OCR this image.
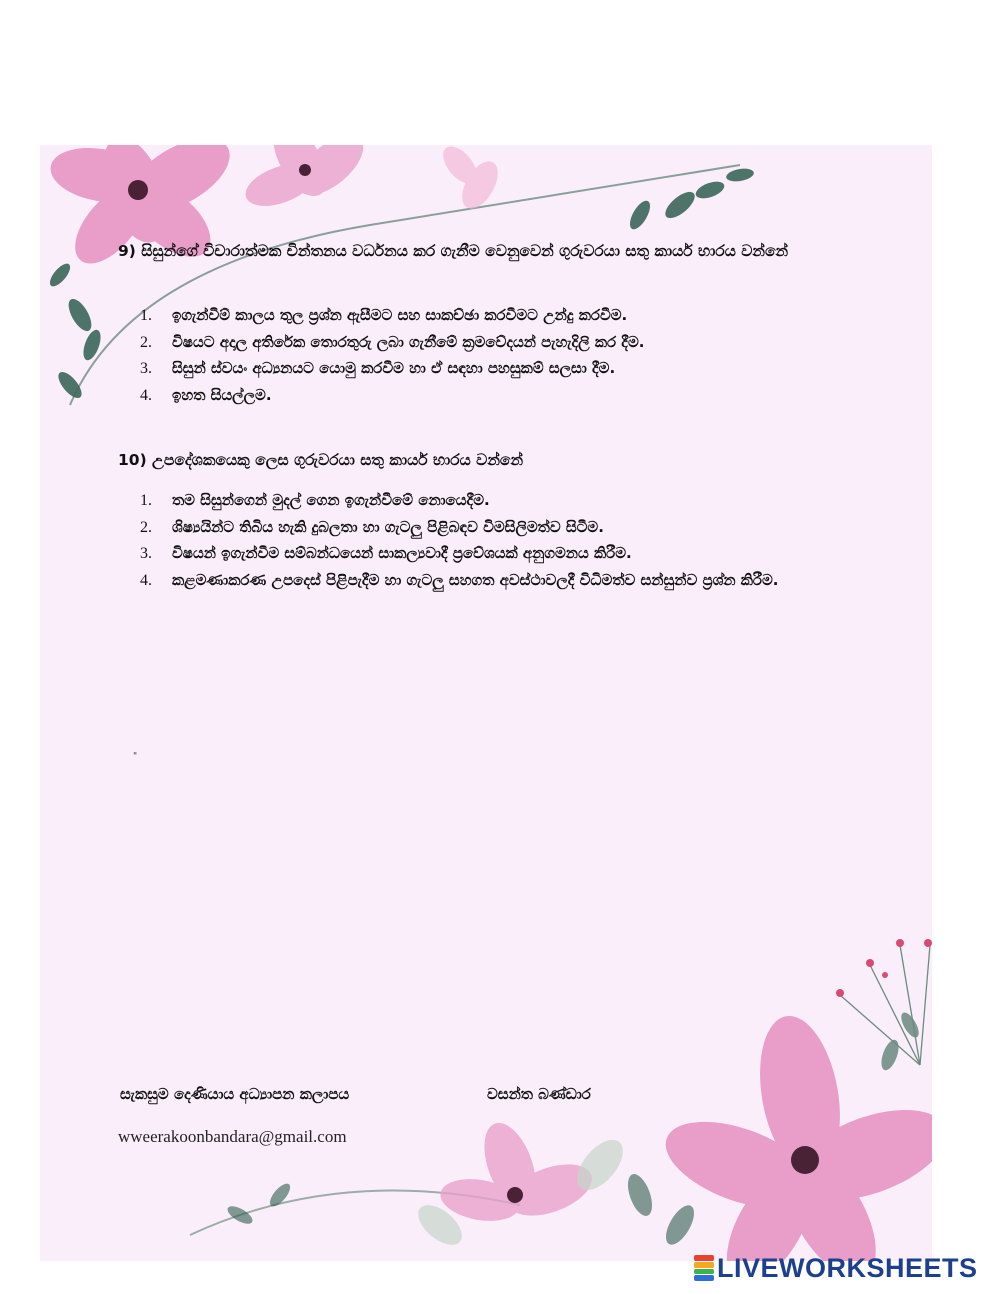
9) සිසුන්ගේ විචාරාත්මක චින්තනය වර්ධනය කර ගැනීම වෙනුවෙන් ගුරුවරයා සතු කාර්ය භාරය වන්නේ
1.	ඉගැන්වීම් කාලය තුල ප්‍රශ්න ඇසීමට සහ සාකච්ඡා කරවීමට උන්දු කරවීම.
2.	විෂයට අදාල අතිරේක තොරතුරු ලබා ගැනීමේ ක්‍රමවේදයන් පැහැදිලි කර දීම.
3.	සිසුන් ස්වයං අධ්‍යනයට යොමු කරවීම හා ඒ සඳහා පහසුකම් සලසා දීම.
4.	ඉහත සියල්ලම.
10) උපදේශකයෙකු ලෙස ගුරුවරයා සතු කාර්ය භාරය වන්නේ
1.	තම සිසුන්ගෙන් මුදල් ගෙන ඉගැන්වීමේ නොයෙදීම.
2.	ශිෂ්‍යයින්ට තිබිය හැකි දුබලතා හා ගැටලු පිළිබඳව විමසිලිමත්ව සිටීම.
3.	විෂයන් ඉගැන්වීම සම්බන්ධයෙන් සාකල්‍යවාදී ප්‍රවේශයක් අනුගමනය කිරීම.
4.	කළමණාකරණ උපදෙස් පිළිපැදීම හා ගැටලු සහගත අවස්ථාවලදී විධිමත්ව සන්සුන්ව ප්‍රශ්න කිරීම.
"
සැකසුම දෙණියාය අධ්‍යාපන කලාපය	වසන්ත බණ්ඩාර
wweerakoonbandara@gmail.com
LIVEWORKSHEETS
